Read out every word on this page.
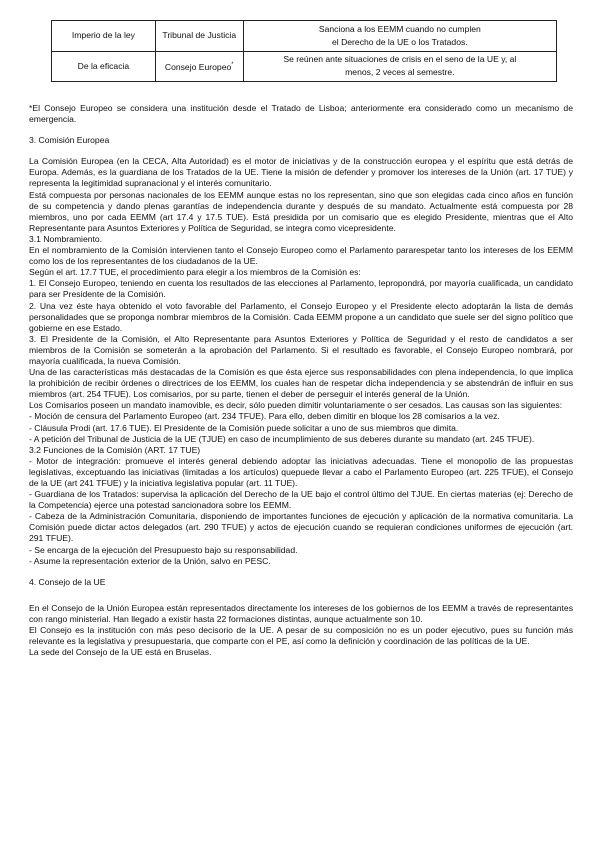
Imperio de la ley	Tribunal de Justicia	Sanciona a los EEMM cuando no cumplen
el Derecho de la UE o los Tratados.
De la eficacia	Consejo Europeo*	Se reúnen ante situaciones de crisis en el seno de la UE y, al
menos, 2 veces al semestre.

*El Consejo Europeo se considera una institución desde el Tratado de Lisboa; anteriormente era considerado como un mecanismo de emergencia.

3. Comisión Europea

La Comisión Europea (en la CECA, Alta Autoridad) es el motor de iniciativas y de la construcción europea y el espíritu que está detrás de Europa. Además, es la guardiana de los Tratados de la UE. Tiene la misión de defender y promover los intereses de la Unión (art. 17 TUE) y representa la legitimidad supranacional y el interés comunitario.

Está compuesta por personas nacionales de los EEMM aunque estas no los representan, sino que son elegidas cada cinco años en función de su competencia y dando plenas garantías de independencia durante y después de su mandato. Actualmente está compuesta por 28 miembros, uno por cada EEMM (art 17.4 y 17.5 TUE). Está presidida por un comisario que es elegido Presidente, mientras que el Alto Representante para Asuntos Exteriores y Política de Seguridad, se integra como vicepresidente.

3.1 Nombramiento.

En el nombramiento de la Comisión intervienen tanto el Consejo Europeo como el Parlamento pararespetar tanto los intereses de los EEMM como los de los representantes de los ciudadanos de la UE.

Según el art. 17.7 TUE, el procedimiento para elegir a los miembros de la Comisión es:

1. El Consejo Europeo, teniendo en cuenta los resultados de las elecciones al Parlamento, lepropondrá, por mayoría cualificada, un candidato para ser Presidente de la Comisión.

2. Una vez éste haya obtenido el voto favorable del Parlamento, el Consejo Europeo y el Presidente electo adoptarán la lista de demás personalidades que se proponga nombrar miembros de la Comisión. Cada EEMM propone a un candidato que suele ser del signo político que gobierne en ese Estado.

3. El Presidente de la Comisión, el Alto Representante para Asuntos Exteriores y Política de Seguridad y el resto de candidatos a ser miembros de la Comisión se someterán a la aprobación del Parlamento. Si el resultado es favorable, el Consejo Europeo nombrará, por mayoría cualificada, la nueva Comisión.

Una de las características más destacadas de la Comisión es que ésta ejerce sus responsabilidades con plena independencia, lo que implica la prohibición de recibir órdenes o directrices de los EEMM, los cuales han de respetar dicha independencia y se abstendrán de influir en sus miembros (art. 254 TFUE). Los comisarios, por su parte, tienen el deber de perseguir el interés general de la Unión.

Los Comisarios poseen un mandato inamovible, es decir, sólo pueden dimitir voluntariamente o ser cesados. Las causas son las siguientes:

- Moción de censura del Parlamento Europeo (art. 234 TFUE). Para ello, deben dimitir en bloque los 28 comisarios a la vez.

- Cláusula Prodi (art. 17.6 TUE). El Presidente de la Comisión puede solicitar a uno de sus miembros que dimita.

- A petición del Tribunal de Justicia de la UE (TJUE) en caso de incumplimiento de sus deberes durante su mandato (art. 245 TFUE).

3.2 Funciones de la Comisión (ART. 17 TUE)

- Motor de integración: promueve el interés general debiendo adoptar las iniciativas adecuadas. Tiene el monopolio de las propuestas legislativas, exceptuando las iniciativas (limitadas a los artículos) quepuede llevar a cabo el Parlamento Europeo (art. 225 TFUE), el Consejo de la UE (art 241 TFUE) y la iniciativa legislativa popular (art. 11 TUE).

- Guardiana de los Tratados: supervisa la aplicación del Derecho de la UE bajo el control último del TJUE. En ciertas materias (ej: Derecho de la Competencia) ejerce una potestad sancionadora sobre los EEMM.

- Cabeza de la Administración Comunitaria, disponiendo de importantes funciones de ejecución y aplicación de la normativa comunitaria. La Comisión puede dictar actos delegados (art. 290 TFUE) y actos de ejecución cuando se requieran condiciones uniformes de ejecución (art. 291 TFUE).

- Se encarga de la ejecución del Presupuesto bajo su responsabilidad.

- Asume la representación exterior de la Unión, salvo en PESC.

4. Consejo de la UE

En el Consejo de la Unión Europea están representados directamente los intereses de los gobiernos de los EEMM a través de representantes con rango ministerial. Han llegado a existir hasta 22 formaciones distintas, aunque actualmente son 10.

El Consejo es la institución con más peso decisorio de la UE. A pesar de su composición no es un poder ejecutivo, pues su función más relevante es la legislativa y presupuestaria, que comparte con el PE, así como la definición y coordinación de las políticas de la UE.

La sede del Consejo de la UE está en Bruselas.
